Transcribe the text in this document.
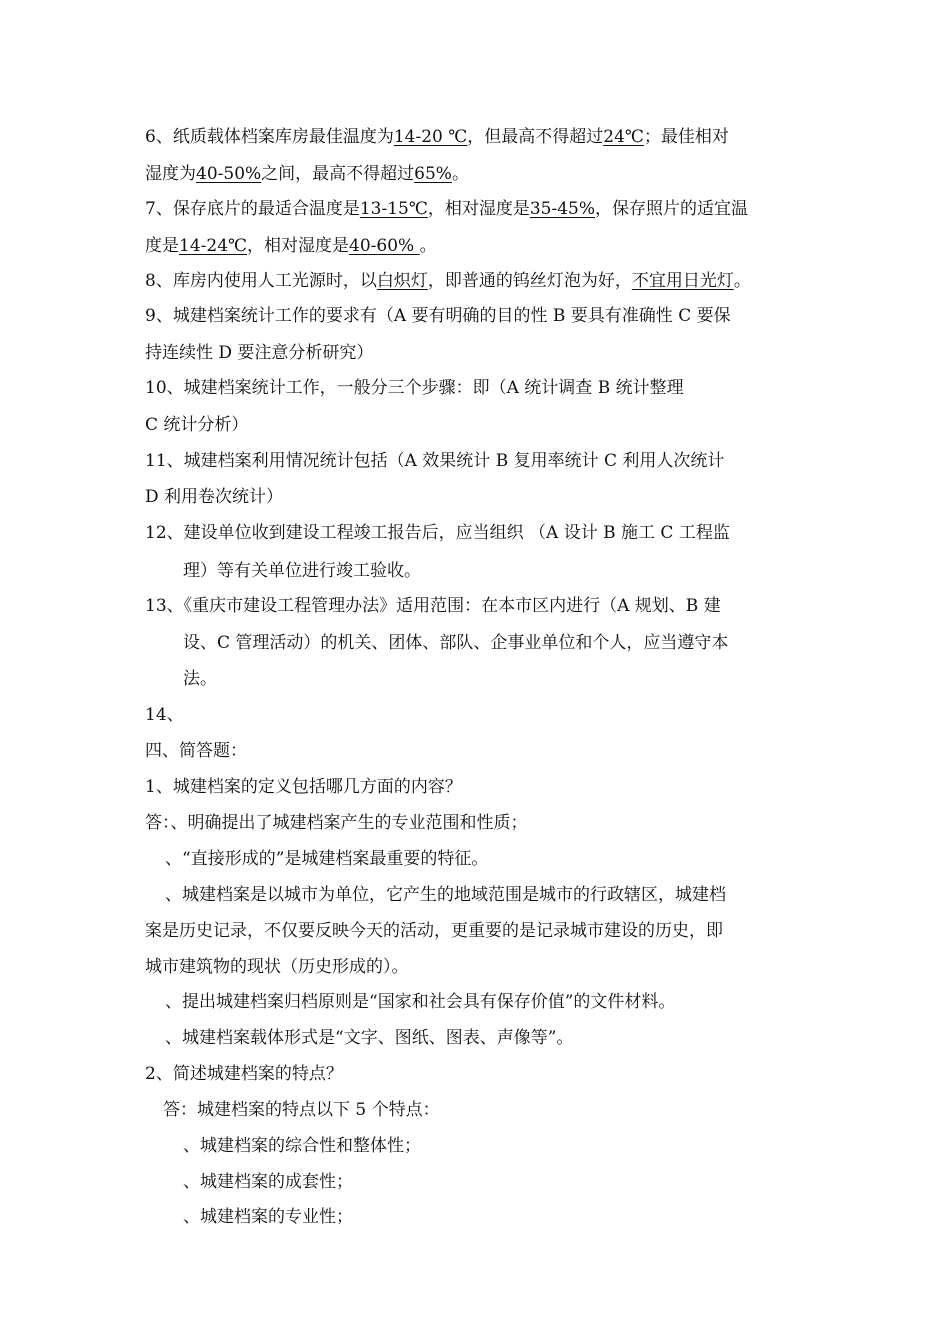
6、纸质载体档案库房最佳温度为14-20 ℃，但最高不得超过24℃；最佳相对
湿度为40-50%之间，最高不得超过65%。
7、保存底片的最适合温度是13-15℃，相对湿度是35-45%，保存照片的适宜温
度是14-24℃，相对湿度是40-60% 。
8、库房内使用人工光源时，以白炽灯，即普通的钨丝灯泡为好，不宜用日光灯。
9、城建档案统计工作的要求有（A 要有明确的目的性 B 要具有准确性 C 要保
持连续性 D 要注意分析研究）
10、城建档案统计工作，一般分三个步骤：即（A 统计调查 B 统计整理
C 统计分析）
11、城建档案利用情况统计包括（A 效果统计 B 复用率统计 C 利用人次统计
D 利用卷次统计）
12、建设单位收到建设工程竣工报告后，应当组织 （A 设计 B 施工 C 工程监
理）等有关单位进行竣工验收。
13、《重庆市建设工程管理办法》适用范围：在本市区内进行（A 规划、B 建
设、C 管理活动）的机关、团体、部队、企事业单位和个人，应当遵守本
法。
14、
四、简答题：
1、城建档案的定义包括哪几方面的内容？
答：、明确提出了城建档案产生的专业范围和性质；
、“直接形成的”是城建档案最重要的特征。
、城建档案是以城市为单位，它产生的地域范围是城市的行政辖区，城建档
案是历史记录，不仅要反映今天的活动，更重要的是记录城市建设的历史，即
城市建筑物的现状（历史形成的）。
、提出城建档案归档原则是“国家和社会具有保存价值”的文件材料。
、城建档案载体形式是“文字、图纸、图表、声像等”。
2、简述城建档案的特点？
答：城建档案的特点以下 5 个特点：
、城建档案的综合性和整体性；
、城建档案的成套性；
、城建档案的专业性；
